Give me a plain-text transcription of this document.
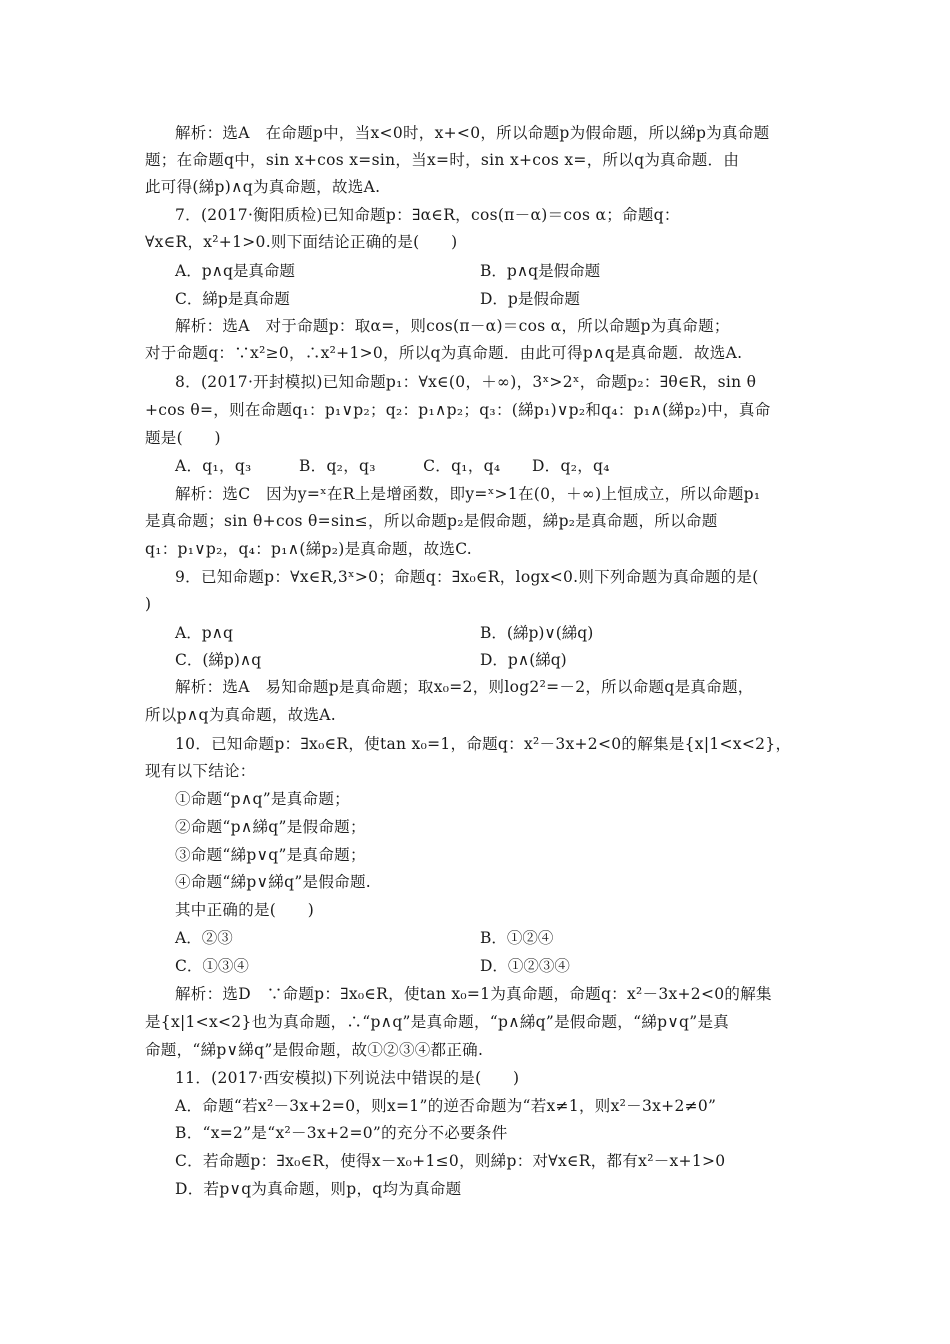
解析：选A　在命题p中，当x<0时，x+<0，所以命题p为假命题，所以綈p为真命题
题；在命题q中，sin x+cos x=sin，当x=时，sin x+cos x=，所以q为真命题．由
此可得(綈p)∧q为真命题，故选A.
7．(2017·衡阳质检)已知命题p：∃α∈R，cos(π－α)＝cos α；命题q：
∀x∈R，x²+1>0.则下面结论正确的是(　　)
A．p∧q是真命题	B．p∧q是假命题
C．綈p是真命题	D．p是假命题
解析：选A　对于命题p：取α=，则cos(π－α)＝cos α，所以命题p为真命题；
对于命题q：∵x²≥0，∴x²+1>0，所以q为真命题．由此可得p∧q是真命题．故选A.
8．(2017·开封模拟)已知命题p₁：∀x∈(0，＋∞)，3ˣ>2ˣ，命题p₂：∃θ∈R，sin θ
+cos θ=，则在命题q₁：p₁∨p₂；q₂：p₁∧p₂；q₃：(綈p₁)∨p₂和q₄：p₁∧(綈p₂)中，真命
题是(　　)
A．q₁，q₃　　　B．q₂，q₃　　　C．q₁，q₄　　D．q₂，q₄
解析：选C　因为y=ˣ在R上是增函数，即y=ˣ>1在(0，＋∞)上恒成立，所以命题p₁
是真命题；sin θ+cos θ=sin≤，所以命题p₂是假命题，綈p₂是真命题，所以命题
q₁：p₁∨p₂，q₄：p₁∧(綈p₂)是真命题，故选C.
9．已知命题p：∀x∈R,3ˣ>0；命题q：∃x₀∈R，logx<0.则下列命题为真命题的是(
)
A．p∧q	B．(綈p)∨(綈q)
C．(綈p)∧q	D．p∧(綈q)
解析：选A　易知命题p是真命题；取x₀=2，则log2²=－2，所以命题q是真命题，
所以p∧q为真命题，故选A.
10．已知命题p：∃x₀∈R，使tan x₀=1，命题q：x²－3x+2<0的解集是{x|1<x<2}，
现有以下结论：
①命题“p∧q”是真命题；
②命题“p∧綈q”是假命题；
③命题“綈p∨q”是真命题；
④命题“綈p∨綈q”是假命题.
其中正确的是(　　)
A．②③	B．①②④
C．①③④	D．①②③④
解析：选D　∵命题p：∃x₀∈R，使tan x₀=1为真命题，命题q：x²－3x+2<0的解集
是{x|1<x<2}也为真命题，∴“p∧q”是真命题，“p∧綈q”是假命题，“綈p∨q”是真
命题，“綈p∨綈q”是假命题，故①②③④都正确.
11．(2017·西安模拟)下列说法中错误的是(　　)
A．命题“若x²－3x+2=0，则x=1”的逆否命题为“若x≠1，则x²－3x+2≠0”
B．“x=2”是“x²－3x+2=0”的充分不必要条件
C．若命题p：∃x₀∈R，使得x－x₀+1≤0，则綈p：对∀x∈R，都有x²－x+1>0
D．若p∨q为真命题，则p，q均为真命题
